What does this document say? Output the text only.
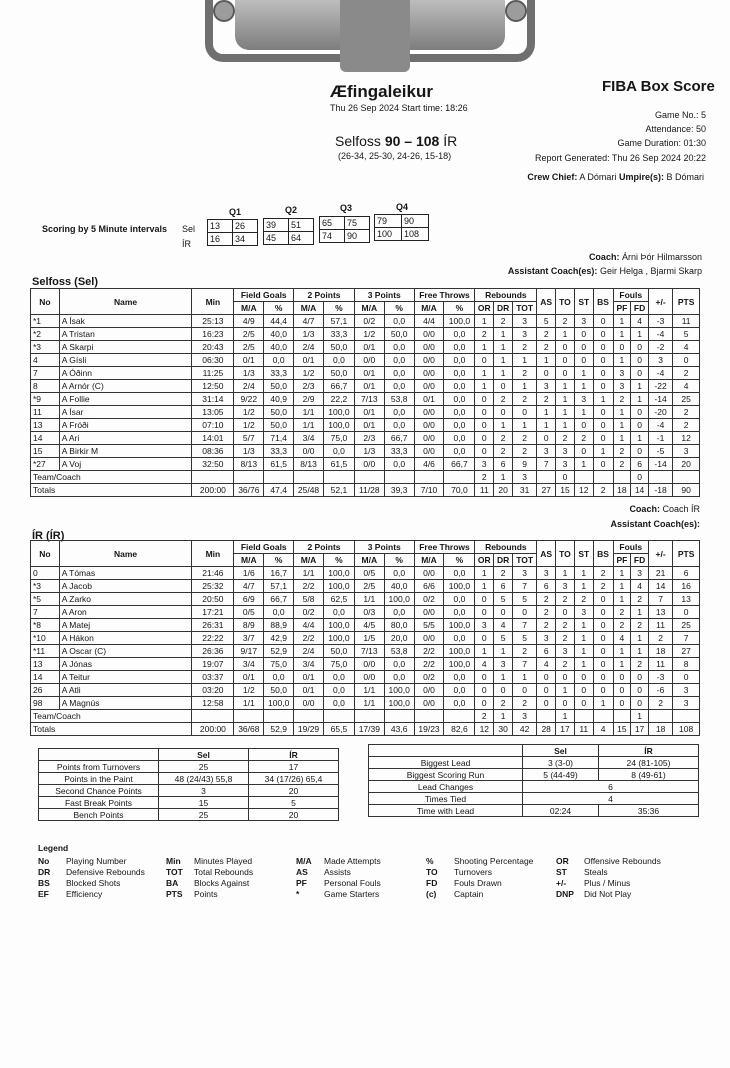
Æfingaleikur
Thu 26 Sep 2024 Start time: 18:26
FIBA Box Score
Game No.: 5
Attendance: 50
Game Duration: 01:30
Report Generated: Thu 26 Sep 2024 20:22
Selfoss 90 – 108 ÍR
(26-34, 25-30, 24-26, 15-18)
Crew Chief: A Dómari Umpire(s): B Dómari
Scoring by 5 Minute intervals
Q1	Q2	Q3	Q4
Sel
ÍR
13	26
16	34
39	51
45	64
65	75
74	90
79	90
100	108
Coach: Árni Þór Hilmarsson
Assistant Coach(es): Geir Helga , Bjarmi Skarp
Selfoss (Sel)
No	Name	Min	Field Goals		2 Points		3 Points		Free Throws		Rebounds			AS	TO	ST	BS	Fouls		+/-	PTS
			M/A	%	M/A	%	M/A	%	M/A	%	OR	DR	TOT					PF	FD		
*1	A Ísak	25:13	4/9	44,4	4/7	57,1	0/2	0,0	4/4	100,0	1	2	3	5	2	3	0	1	4	-3	11
*2	A Tristan	16:23	2/5	40,0	1/3	33,3	1/2	50,0	0/0	0,0	2	1	3	2	1	0	0	1	1	-4	5
*3	A Skarpi	20:43	2/5	40,0	2/4	50,0	0/1	0,0	0/0	0,0	1	1	2	2	0	0	0	0	0	-2	4
4	A Gísli	06:30	0/1	0,0	0/1	0,0	0/0	0,0	0/0	0,0	0	1	1	1	0	0	0	1	0	3	0
7	A Óðinn	11:25	1/3	33,3	1/2	50,0	0/1	0,0	0/0	0,0	1	1	2	0	0	1	0	3	0	-4	2
8	A Arnór (C)	12:50	2/4	50,0	2/3	66,7	0/1	0,0	0/0	0,0	1	0	1	3	1	1	0	3	1	-22	4
*9	A Follie	31:14	9/22	40,9	2/9	22,2	7/13	53,8	0/1	0,0	0	2	2	2	1	3	1	2	1	-14	25
11	A Ísar	13:05	1/2	50,0	1/1	100,0	0/1	0,0	0/0	0,0	0	0	0	1	1	1	0	1	0	-20	2
13	A Fróði	07:10	1/2	50,0	1/1	100,0	0/1	0,0	0/0	0,0	0	1	1	1	1	0	0	1	0	-4	2
14	A Ari	14:01	5/7	71,4	3/4	75,0	2/3	66,7	0/0	0,0	0	2	2	0	2	2	0	1	1	-1	12
15	A Birkir M	08:36	1/3	33,3	0/0	0,0	1/3	33,3	0/0	0,0	0	2	2	3	3	0	1	2	0	-5	3
*27	A Voj	32:50	8/13	61,5	8/13	61,5	0/0	0,0	4/6	66,7	3	6	9	7	3	1	0	2	6	-14	20
Team/Coach											2	1	3		0				0		
Totals		200:00	36/76	47,4	25/48	52,1	11/28	39,3	7/10	70,0	11	20	31	27	15	12	2	18	14	-18	90
Coach: Coach ÍR
Assistant Coach(es):
ÍR (ÍR)
No	Name	Min	Field Goals		2 Points		3 Points		Free Throws		Rebounds			AS	TO	ST	BS	Fouls		+/-	PTS
			M/A	%	M/A	%	M/A	%	M/A	%	OR	DR	TOT					PF	FD		
0	A Tómas	21:46	1/6	16,7	1/1	100,0	0/5	0,0	0/0	0,0	1	2	3	3	1	1	2	1	3	21	6
*3	A Jacob	25:32	4/7	57,1	2/2	100,0	2/5	40,0	6/6	100,0	1	6	7	6	3	1	2	1	4	14	16
*5	A Zarko	20:50	6/9	66,7	5/8	62,5	1/1	100,0	0/2	0,0	0	5	5	2	2	2	0	1	2	7	13
7	A Aron	17:21	0/5	0,0	0/2	0,0	0/3	0,0	0/0	0,0	0	0	0	2	0	3	0	2	1	13	0
*8	A Matej	26:31	8/9	88,9	4/4	100,0	4/5	80,0	5/5	100,0	3	4	7	2	2	1	0	2	2	11	25
*10	A Hákon	22:22	3/7	42,9	2/2	100,0	1/5	20,0	0/0	0,0	0	5	5	3	2	1	0	4	1	2	7
*11	A Oscar (C)	26:36	9/17	52,9	2/4	50,0	7/13	53,8	2/2	100,0	1	1	2	6	3	1	0	1	1	18	27
13	A Jónas	19:07	3/4	75,0	3/4	75,0	0/0	0,0	2/2	100,0	4	3	7	4	2	1	0	1	2	11	8
14	A Teitur	03:37	0/1	0,0	0/1	0,0	0/0	0,0	0/2	0,0	0	1	1	0	0	0	0	0	0	-3	0
26	A Atli	03:20	1/2	50,0	0/1	0,0	1/1	100,0	0/0	0,0	0	0	0	0	1	0	0	0	0	-6	3
98	A Magnús	12:58	1/1	100,0	0/0	0,0	1/1	100,0	0/0	0,0	0	2	2	0	0	0	1	0	0	2	3
Team/Coach											2	1	3		1				1		
Totals		200:00	36/68	52,9	19/29	65,5	17/39	43,6	19/23	82,6	12	30	42	28	17	11	4	15	17	18	108
	Sel	ÍR
Points from Turnovers	25	17
Points in the Paint	48 (24/43) 55,8	34 (17/26) 65,4
Second Chance Points	3	20
Fast Break Points	15	5
Bench Points	25	20
	Sel	ÍR
Biggest Lead	3 (3-0)	24 (81-105)
Biggest Scoring Run	5 (44-49)	8 (49-61)
Lead Changes	6	
Times Tied	4	
Time with Lead	02:24	35:36
Legend
No Playing Number
DR Defensive Rebounds
BS Blocked Shots
EF Efficiency
Min Minutes Played
TOT Total Rebounds
BA Blocks Against
PTS Points
M/A Made Attempts
AS Assists
PF Personal Fouls
*	Game Starters
% Shooting Percentage
TO Turnovers
FD Fouls Drawn
(c) Captain
OR Offensive Rebounds
ST Steals
+/- Plus / Minus
DNP Did Not Play
